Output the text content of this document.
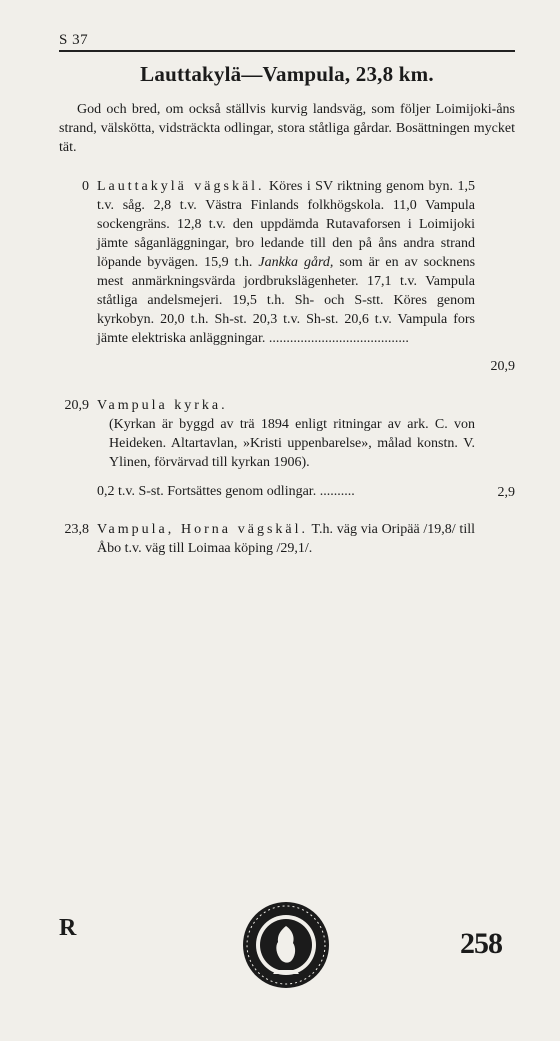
S 37
Lauttakylä—Vampula, 23,8 km.

God och bred, om också ställvis kurvig landsväg, som följer Loimijoki-åns strand, välskötta, vidsträckta odlingar, stora ståtliga gårdar. Bosättningen mycket tät.

0 Lauttakylä vägskäl. Köres i SV riktning genom byn. 1,5 t.v. såg. 2,8 t.v. Västra Finlands folkhögskola. 11,0 Vampula sockengräns. 12,8 t.v. den uppdämda Rutavaforsen i Loimijoki jämte såganläggningar, bro ledande till den på åns andra strand löpande byvägen. 15,9 t.h. Jankka gård, som är en av socknens mest anmärkningsvärda jordbrukslägenheter. 17,1 t.v. Vampula ståtliga andelsmejeri. 19,5 t.h. Sh- och S-stt. Köres genom kyrkobyn. 20,0 t.h. Sh-st. 20,3 t.v. Sh-st. 20,6 t.v. Vampula fors jämte elektriska anläggningar. ........................................
20,9
20,9 Vampula kyrka.
(Kyrkan är byggd av trä 1894 enligt ritningar av ark. C. von Heideken. Altartavlan, »Kristi uppenbarelse», målad konstn. V. Ylinen, förvärvad till kyrkan 1906).
0,2 t.v. S-st. Fortsättes genom odlingar. ..........	2,9
23,8 Vampula, Horna vägskäl. T.h. väg via Oripää /19,8/ till Åbo t.v. väg till Loimaa köping /29,1/.
R	258
